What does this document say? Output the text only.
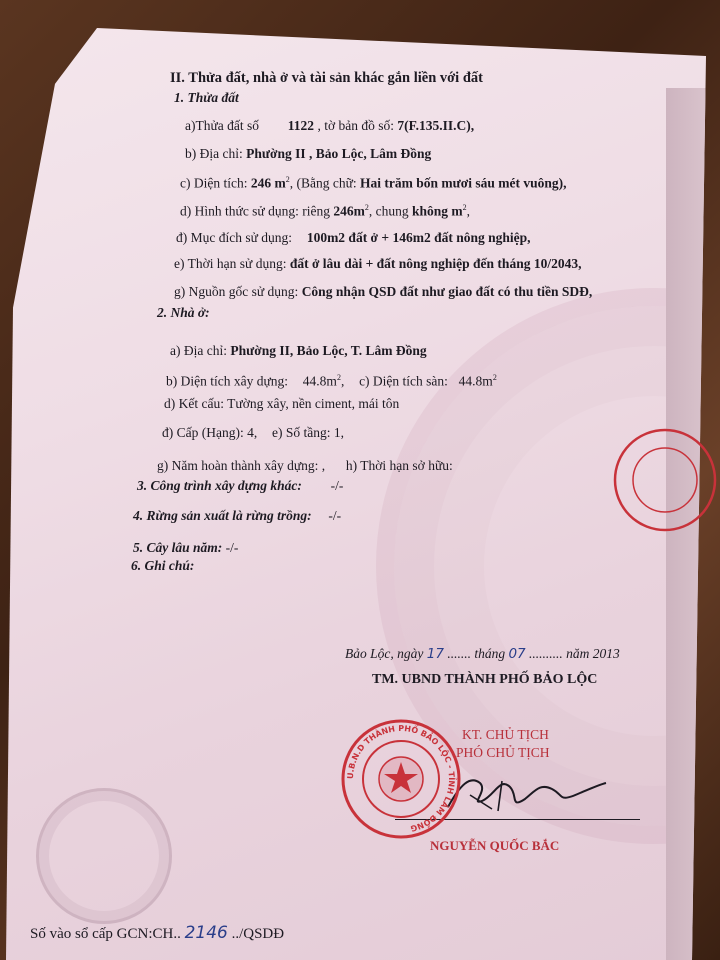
II. Thửa đất, nhà ở và tài sản khác gắn liền với đất
1. Thửa đất
a)Thửa đất số 1122 , tờ bản đồ số: 7(F.135.II.C),
b) Địa chỉ: Phường II , Bảo Lộc, Lâm Đồng
c) Diện tích: 246 $m^2$, (Bằng chữ: Hai trăm bốn mươi sáu mét vuông),
d) Hình thức sử dụng: riêng $246m^2$, chung không $m^2$,
đ) Mục đích sử dụng: 100m2 đất ở + 146m2 đất nông nghiệp,
e) Thời hạn sử dụng: đất ở lâu dài + đất nông nghiệp đến tháng 10/2043,
g) Nguồn gốc sử dụng: Công nhận QSD đất như giao đất có thu tiền SDĐ,
2. Nhà ở:
a) Địa chỉ: Phường II, Bảo Lộc, T. Lâm Đồng
b) Diện tích xây dựng: $44.8m^2$,  c) Diện tích sàn: $44.8m^2$
d) Kết cấu: Tường xây, nền ciment, mái tôn
đ) Cấp (Hạng): 4, e) Số tầng: 1,
g) Năm hoàn thành xây dựng: , h) Thời hạn sở hữu:
3. Công trình xây dựng khác: -/-
4. Rừng sản xuất là rừng trồng: -/-
5. Cây lâu năm: -/-
6. Ghi chú:
Bảo Lộc, ngày 17 ....... tháng 07 .......... năm 2013
TM. UBND THÀNH PHỐ BẢO LỘC
KT. CHỦ TỊCH
PHÓ CHỦ TỊCH
NGUYỄN QUỐC BẮC
U.B.N.D THÀNH PHỐ BẢO LỘC - TỈNH LÂM ĐỒNG
Số vào sổ cấp GCN:CH.. 2146 ../QSDĐ
